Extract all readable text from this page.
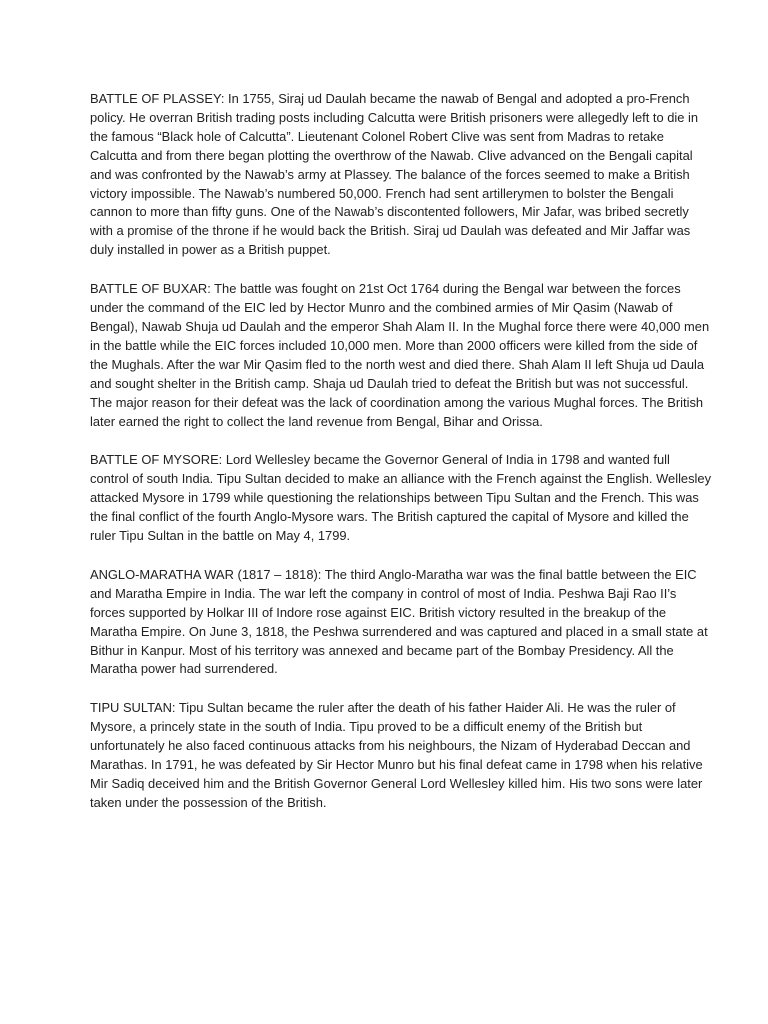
BATTLE OF PLASSEY: In 1755, Siraj ud Daulah became the nawab of Bengal and adopted a pro-French policy. He overran British trading posts including Calcutta were British prisoners were allegedly left to die in the famous “Black hole of Calcutta”. Lieutenant Colonel Robert Clive was sent from Madras to retake Calcutta and from there began plotting the overthrow of the Nawab. Clive advanced on the Bengali capital and was confronted by the Nawab’s army at Plassey. The balance of the forces seemed to make a British victory impossible. The Nawab’s numbered 50,000. French had sent artillerymen to bolster the Bengali cannon to more than fifty guns. One of the Nawab’s discontented followers, Mir Jafar, was bribed secretly with a promise of the throne if he would back the British. Siraj ud Daulah was defeated and Mir Jaffar was duly installed in power as a British puppet.

BATTLE OF BUXAR: The battle was fought on 21st Oct 1764 during the Bengal war between the forces under the command of the EIC led by Hector Munro and the combined armies of Mir Qasim (Nawab of Bengal), Nawab Shuja ud Daulah and the emperor Shah Alam II. In the Mughal force there were 40,000 men in the battle while the EIC forces included 10,000 men. More than 2000 officers were killed from the side of the Mughals. After the war Mir Qasim fled to the north west and died there. Shah Alam II left Shuja ud Daula and sought shelter in the British camp. Shaja ud Daulah tried to defeat the British but was not successful. The major reason for their defeat was the lack of coordination among the various Mughal forces. The British later earned the right to collect the land revenue from Bengal, Bihar and Orissa.

BATTLE OF MYSORE: Lord Wellesley became the Governor General of India in 1798 and wanted full control of south India. Tipu Sultan decided to make an alliance with the French against the English. Wellesley attacked Mysore in 1799 while questioning the relationships between Tipu Sultan and the French. This was the final conflict of the fourth Anglo-Mysore wars. The British captured the capital of Mysore and killed the ruler Tipu Sultan in the battle on May 4, 1799.

ANGLO-MARATHA WAR (1817 – 1818): The third Anglo-Maratha war was the final battle between the EIC and Maratha Empire in India. The war left the company in control of most of India. Peshwa Baji Rao II’s forces supported by Holkar III of Indore rose against EIC. British victory resulted in the breakup of the Maratha Empire. On June 3, 1818, the Peshwa surrendered and was captured and placed in a small state at Bithur in Kanpur. Most of his territory was annexed and became part of the Bombay Presidency. All the Maratha power had surrendered.

TIPU SULTAN: Tipu Sultan became the ruler after the death of his father Haider Ali. He was the ruler of Mysore, a princely state in the south of India. Tipu proved to be a difficult enemy of the British but unfortunately he also faced continuous attacks from his neighbours, the Nizam of Hyderabad Deccan and Marathas. In 1791, he was defeated by Sir Hector Munro but his final defeat came in 1798 when his relative Mir Sadiq deceived him and the British Governor General Lord Wellesley killed him. His two sons were later taken under the possession of the British.
